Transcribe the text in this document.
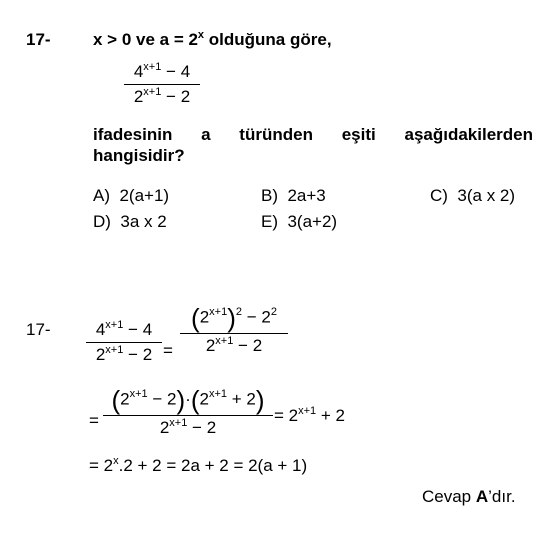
17- x > 0 ve $a = 2^x$ olduğuna göre,
$4^{x+1} - 4$
$2^{x+1} - 2$
ifadesinin a türünden eşiti aşağıdakilerden
hangisidir?
A) 2(a+1)	B) 2a+3	C) 3(a x 2)
D) 3a x 2	E) 3(a+2)
17-	$4^{x+1} - 4$
$2^{x+1} - 2$ =
$(2^{x+1})^2 - 2^2$
$2^{x+1} - 2$
=
$(2^{x+1} - 2)\cdot(2^{x+1} + 2)$
$2^{x+1} - 2$
= $2^{x+1} + 2$
= $2^x.2 + 2 = 2a + 2 = 2(a + 1)$
Cevap A’dır.
